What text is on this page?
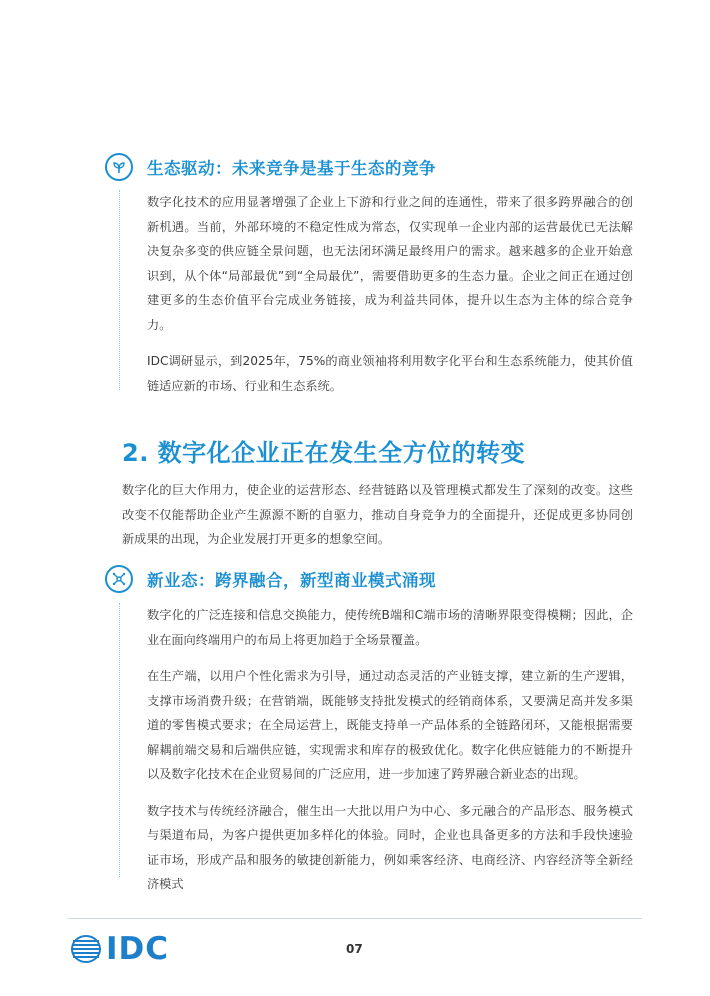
生态驱动：未来竞争是基于生态的竞争

数字化技术的应用显著增强了企业上下游和行业之间的连通性，带来了很多跨界融合的创新机遇。当前，外部环境的不稳定性成为常态，仅实现单一企业内部的运营最优已无法解决复杂多变的供应链全景问题，也无法闭环满足最终用户的需求。越来越多的企业开始意识到，从个体“局部最优”到“全局最优”，需要借助更多的生态力量。企业之间正在通过创建更多的生态价值平台完成业务链接，成为利益共同体，提升以生态为主体的综合竞争力。

IDC调研显示，到2025年，75%的商业领袖将利用数字化平台和生态系统能力，使其价值链适应新的市场、行业和生态系统。

2. 数字化企业正在发生全方位的转变

数字化的巨大作用力，使企业的运营形态、经营链路以及管理模式都发生了深刻的改变。这些改变不仅能帮助企业产生源源不断的自驱力，推动自身竞争力的全面提升，还促成更多协同创新成果的出现，为企业发展打开更多的想象空间。

新业态：跨界融合，新型商业模式涌现

数字化的广泛连接和信息交换能力，使传统B端和C端市场的清晰界限变得模糊；因此，企业在面向终端用户的布局上将更加趋于全场景覆盖。

在生产端，以用户个性化需求为引导，通过动态灵活的产业链支撑，建立新的生产逻辑，支撑市场消费升级；在营销端，既能够支持批发模式的经销商体系，又要满足高并发多渠道的零售模式要求；在全局运营上，既能支持单一产品体系的全链路闭环，又能根据需要解耦前端交易和后端供应链，实现需求和库存的极致优化。数字化供应链能力的不断提升以及数字化技术在企业贸易间的广泛应用，进一步加速了跨界融合新业态的出现。

数字技术与传统经济融合，催生出一大批以用户为中心、多元融合的产品形态、服务模式与渠道布局，为客户提供更加多样化的体验。同时，企业也具备更多的方法和手段快速验证市场，形成产品和服务的敏捷创新能力，例如乘客经济、电商经济、内容经济等全新经济模式

IDC	07
